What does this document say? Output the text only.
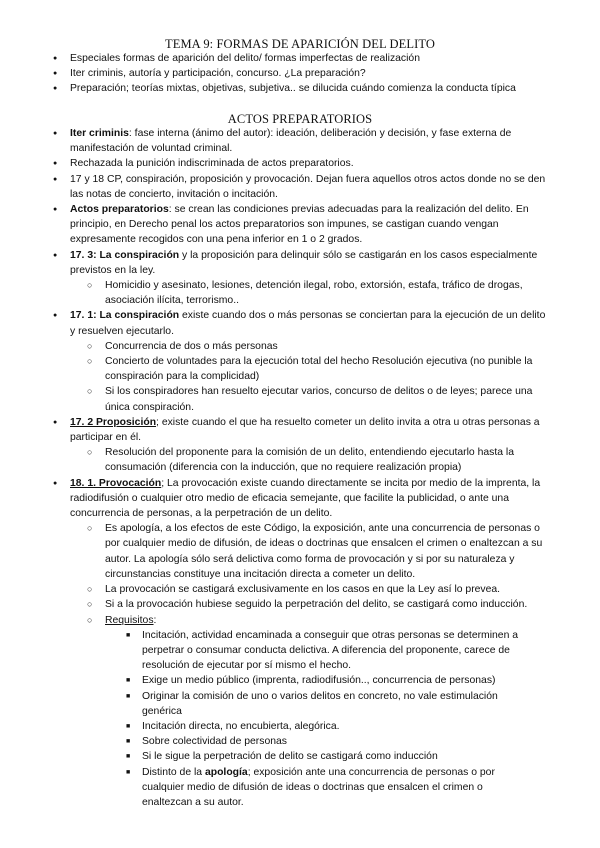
TEMA 9: FORMAS DE APARICIÓN DEL DELITO
● Especiales formas de aparición del delito/ formas imperfectas de realización
● Iter criminis, autoría y participación, concurso. ¿La preparación?
● Preparación; teorías mixtas, objetivas, subjetiva.. se dilucida cuándo comienza la conducta típica
ACTOS PREPARATORIOS
● Iter criminis: fase interna (ánimo del autor): ideación, deliberación y decisión, y fase externa de manifestación de voluntad criminal.
● Rechazada la punición indiscriminada de actos preparatorios.
● 17 y 18 CP, conspiración, proposición y provocación. Dejan fuera aquellos otros actos donde no se den las notas de concierto, invitación o incitación.
● Actos preparatorios: se crean las condiciones previas adecuadas para la realización del delito. En principio, en Derecho penal los actos preparatorios son impunes, se castigan cuando vengan expresamente recogidos con una pena inferior en 1 o 2 grados.
● 17. 3: La conspiración y la proposición para delinquir sólo se castigarán en los casos especialmente previstos en la ley.
○ Homicidio y asesinato, lesiones, detención ilegal, robo, extorsión, estafa, tráfico de drogas, asociación ilícita, terrorismo..
● 17. 1: La conspiración existe cuando dos o más personas se conciertan para la ejecución de un delito y resuelven ejecutarlo.
○ Concurrencia de dos o más personas
○ Concierto de voluntades para la ejecución total del hecho Resolución ejecutiva (no punible la conspiración para la complicidad)
○ Si los conspiradores han resuelto ejecutar varios, concurso de delitos o de leyes; parece una única conspiración.
● 17. 2 Proposición; existe cuando el que ha resuelto cometer un delito invita a otra u otras personas a participar en él.
○ Resolución del proponente para la comisión de un delito, entendiendo ejecutarlo hasta la consumación (diferencia con la inducción, que no requiere realización propia)
● 18. 1. Provocación; La provocación existe cuando directamente se incita por medio de la imprenta, la radiodifusión o cualquier otro medio de eficacia semejante, que facilite la publicidad, o ante una concurrencia de personas, a la perpetración de un delito.
○ Es apología, a los efectos de este Código, la exposición, ante una concurrencia de personas o por cualquier medio de difusión, de ideas o doctrinas que ensalcen el crimen o enaltezcan a su autor. La apología sólo será delictiva como forma de provocación y si por su naturaleza y circunstancias constituye una incitación directa a cometer un delito.
○ La provocación se castigará exclusivamente en los casos en que la Ley así lo prevea.
○ Si a la provocación hubiese seguido la perpetración del delito, se castigará como inducción.
○ Requisitos:
■ Incitación, actividad encaminada a conseguir que otras personas se determinen a perpetrar o consumar conducta delictiva. A diferencia del proponente, carece de resolución de ejecutar por sí mismo el hecho.
■ Exige un medio público (imprenta, radiodifusión.., concurrencia de personas)
■ Originar la comisión de uno o varios delitos en concreto, no vale estimulación genérica
■ Incitación directa, no encubierta, alegórica.
■ Sobre colectividad de personas
■ Si le sigue la perpetración de delito se castigará como inducción
■ Distinto de la apología; exposición ante una concurrencia de personas o por cualquier medio de difusión de ideas o doctrinas que ensalcen el crimen o enaltezcan a su autor.
